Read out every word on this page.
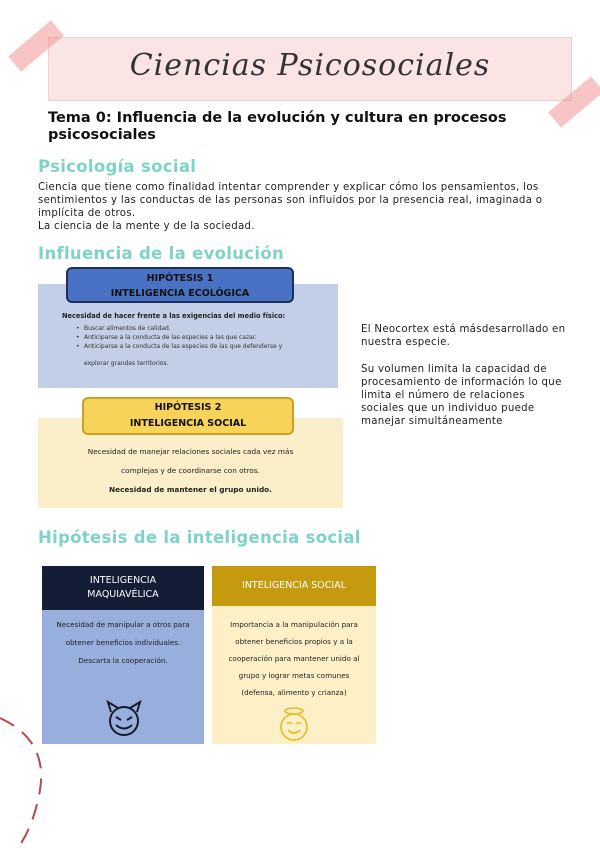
Ciencias Psicosociales
Tema 0: Influencia de la evolución y cultura en procesos psicosociales
Psicología social
Ciencia que tiene como finalidad intentar comprender y explicar cómo los pensamientos, los
sentimientos y las conductas de las personas son influidos por la presencia real, imaginada o
implícita de otros.
La ciencia de la mente y de la sociedad.
Influencia de la evolución
HIPÓTESIS 1
INTELIGENCIA ECOLÓGICA
Necesidad de hacer frente a las exigencias del medio físico:
• Buscar alimentos de calidad.
• Anticiparse a la conducta de las especies a las que cazar.
• Anticiparse a la conducta de las especies de las que defenderse y
explorar grandes territorios.
HIPÓTESIS 2
INTELIGENCIA SOCIAL
Necesidad de manejar relaciones sociales cada vez más
complejas y de coordinarse con otros.
Necesidad de mantener el grupo unido.
El Neocortex está másdesarrollado en
nuestra especie.
Su volumen limita la capacidad de
procesamiento de información lo que
limita el número de relaciones
sociales que un individuo puede
manejar simultáneamente
Hipótesis de la inteligencia social
INTELIGENCIA
MAQUIAVÉLICA
Necesidad de manipular a otros para
obtener beneficios individuales.
Descarta la cooperación.
INTELIGENCIA SOCIAL
Importancia a la manipulación para
obtener beneficios propios y a la
cooperación para mantener unido al
grupo y lograr metas comunes
(defensa, alimento y crianza)
